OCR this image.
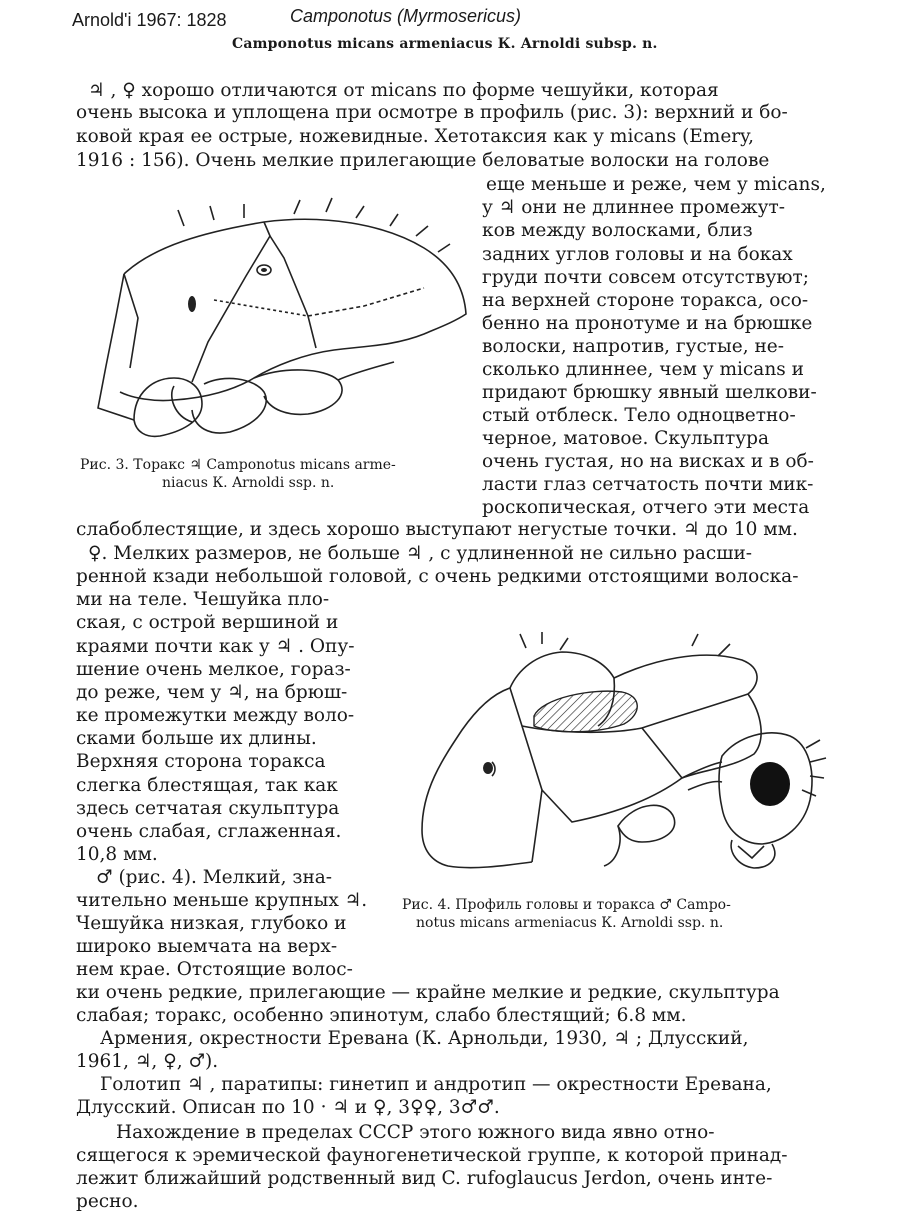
Arnold'i 1967: 1828	Camponotus (Myrmoserіcus)
Camponotus micans armeniacus К. Arnoldi subsp. n.
♃ , ♀ хорошо отличаются от micans по форме чешуйки, которая
очень высока и уплощена при осмотре в профиль (рис. 3): верхний и бо-
ковой края ее острые, ножевидные. Хетотаксия как у micans (Emery,
1916 : 156). Очень мелкие прилегающие беловатые волоски на голове
еще меньше и реже, чем у micans,
у ♃ они не длиннее промежут-
ков между волосками, близ
задних углов головы и на боках
груди почти совсем отсутствуют;
на верхней стороне торакса, осо-
бенно на пронотуме и на брюшке
волоски, напротив, густые, не-
сколько длиннее, чем у micans и
придают брюшку явный шелкови-
стый отблеск. Тело одноцветно-
черное, матовое. Скульптура
очень густая, но на висках и в об-
ласти глаз сетчатость почти мик-
роскопическая, отчего эти места
слабоблестящие, и здесь хорошо выступают негустые точки. ♃ до 10 мм.
♀. Мелких размеров, не больше ♃ , с удлиненной не сильно расши-
ренной кзади небольшой головой, с очень редкими отстоящими волоска-
ми на теле. Чешуйка пло-
ская, с острой вершиной и
краями почти как у ♃ . Опу-
шение очень мелкое, гораз-
до реже, чем у ♃, на брюш-
ке промежутки между воло-
сками больше их длины.
Верхняя сторона торакса
слегка блестящая, так как
здесь сетчатая скульптура
очень слабая, сглаженная.
10,8 мм.
♂ (рис. 4). Мелкий, зна-
чительно меньше крупных ♃.
Чешуйка низкая, глубоко и
широко выемчата на верх-
нем крае. Отстоящие волос-
ки очень редкие, прилегающие — крайне мелкие и редкие, скульптура
слабая; торакс, особенно эпинотум, слабо блестящий; 6.8 мм.
Армения, окрестности Еревана (К. Арнольди, 1930, ♃ ; Длусский,
1961, ♃, ♀, ♂).
Голотип ♃ , паратипы: гинетип и андротип — окрестности Еревана,
Длусский. Описан по 10 · ♃ и ♀, 3♀♀, 3♂♂.
Нахождение в пределах СССР этого южного вида явно отно-
сящегося к эремической фауногенетической группе, к которой принад-
лежит ближайший родственный вид C. rufoglaucus Jerdon, очень инте-
ресно.
Рис. 3. Торакс ♃ Camponotus micans arme-
niacus К. Arnoldi ssp. n.
Рис. 4. Профиль головы и торакса ♂ Campo-
notus micans armeniacus К. Arnoldi ssp. n.
